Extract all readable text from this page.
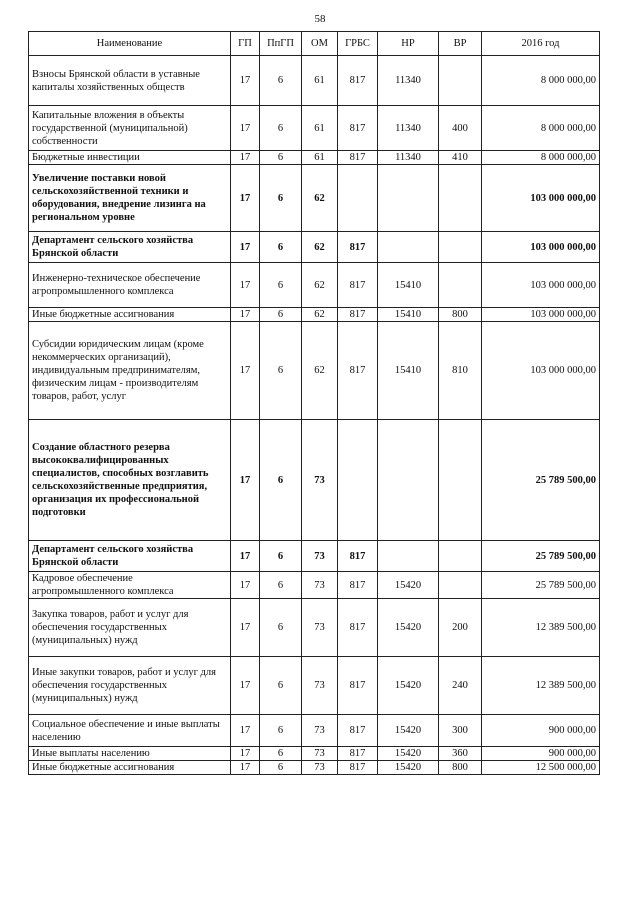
58
Наименование	ГП	ПпГП	ОМ	ГРБС	НР	ВР	2016 год
Взносы Брянской области в уставные капиталы хозяйственных обществ	17	6	61	817	11340		8 000 000,00
Капитальные вложения в объекты государственной (муниципальной) собственности	17	6	61	817	11340	400	8 000 000,00
Бюджетные инвестиции	17	6	61	817	11340	410	8 000 000,00
Увеличение поставки новой сельскохозяйственной техники и оборудования, внедрение лизинга на региональном уровне	17	6	62				103 000 000,00
Департамент сельского хозяйства Брянской области	17	6	62	817			103 000 000,00
Инженерно-техническое обеспечение агропромышленного комплекса	17	6	62	817	15410		103 000 000,00
Иные бюджетные ассигнования	17	6	62	817	15410	800	103 000 000,00
Субсидии юридическим лицам (кроме некоммерческих организаций), индивидуальным предпринимателям, физическим лицам - производителям товаров, работ, услуг	17	6	62	817	15410	810	103 000 000,00
Создание областного резерва высококвалифицированных специалистов, способных возглавить сельскохозяйственные предприятия, организация их профессиональной подготовки	17	6	73				25 789 500,00
Департамент сельского хозяйства Брянской области	17	6	73	817			25 789 500,00
Кадровое обеспечение агропромышленного комплекса	17	6	73	817	15420		25 789 500,00
Закупка товаров, работ и услуг для обеспечения государственных (муниципальных) нужд	17	6	73	817	15420	200	12 389 500,00
Иные закупки товаров, работ и услуг для обеспечения государственных (муниципальных) нужд	17	6	73	817	15420	240	12 389 500,00
Социальное обеспечение и иные выплаты населению	17	6	73	817	15420	300	900 000,00
Иные выплаты населению	17	6	73	817	15420	360	900 000,00
Иные бюджетные ассигнования	17	6	73	817	15420	800	12 500 000,00
